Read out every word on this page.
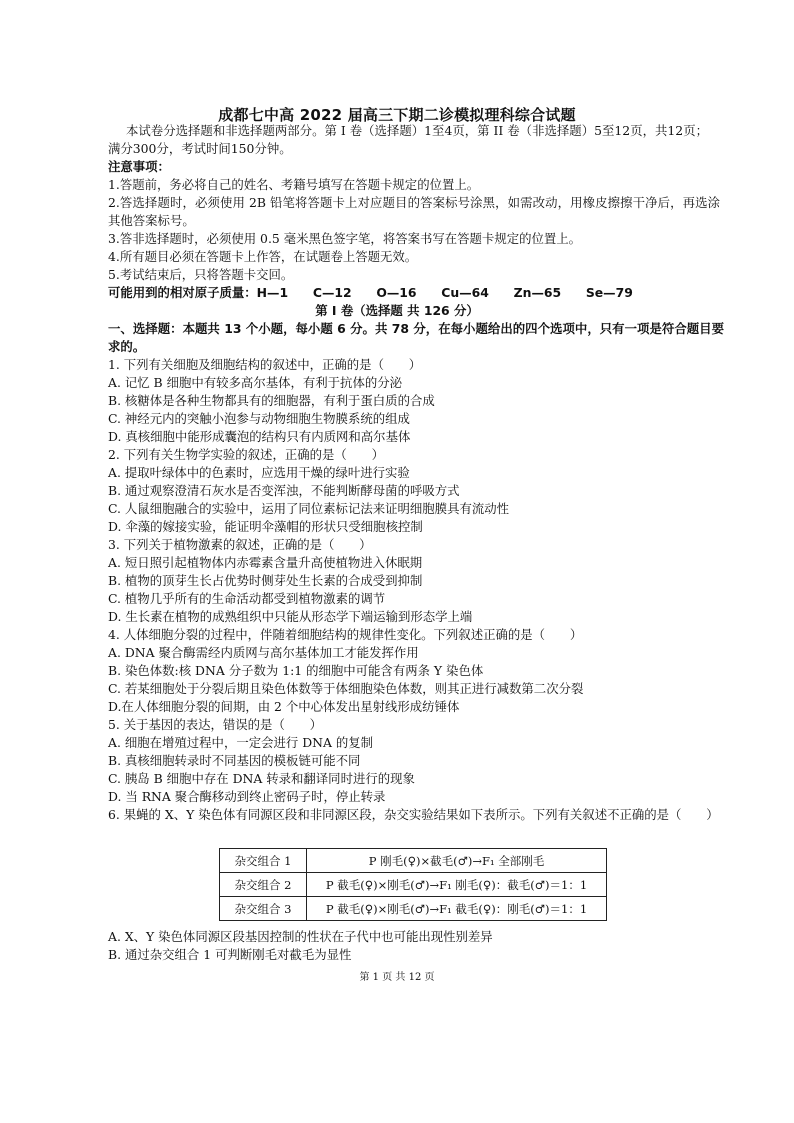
成都七中高 2022 届高三下期二诊模拟理科综合试题
本试卷分选择题和非选择题两部分。第 I 卷（选择题）1至4页，第 II 卷（非选择题）5至12页，共12页；满分300分，考试时间150分钟。
注意事项：
1.答题前，务必将自己的姓名、考籍号填写在答题卡规定的位置上。
2.答选择题时，必须使用 2B 铅笔将答题卡上对应题目的答案标号涂黑，如需改动，用橡皮擦擦干净后，再选涂其他答案标号。
3.答非选择题时，必须使用 0.5 毫米黑色签字笔，将答案书写在答题卡规定的位置上。
4.所有题目必须在答题卡上作答，在试题卷上答题无效。
5.考试结束后，只将答题卡交回。
可能用到的相对原子质量：H—1　　C—12　　O—16　　Cu—64　　Zn—65　　Se—79
第 I 卷（选择题 共 126 分）
一、选择题：本题共 13 个小题，每小题 6 分。共 78 分，在每小题给出的四个选项中，只有一项是符合题目要求的。
1. 下列有关细胞及细胞结构的叙述中，正确的是（　　）
A. 记忆 B 细胞中有较多高尔基体，有利于抗体的分泌
B. 核糖体是各种生物都具有的细胞器，有利于蛋白质的合成
C. 神经元内的突触小泡参与动物细胞生物膜系统的组成
D. 真核细胞中能形成囊泡的结构只有内质网和高尔基体
2. 下列有关生物学实验的叙述，正确的是（　　）
A. 提取叶绿体中的色素时，应选用干燥的绿叶进行实验
B. 通过观察澄清石灰水是否变浑浊，不能判断酵母菌的呼吸方式
C. 人鼠细胞融合的实验中，运用了同位素标记法来证明细胞膜具有流动性
D. 伞藻的嫁接实验，能证明伞藻帽的形状只受细胞核控制
3. 下列关于植物激素的叙述，正确的是（　　）
A. 短日照引起植物体内赤霉素含量升高使植物进入休眠期
B. 植物的顶芽生长占优势时侧芽处生长素的合成受到抑制
C. 植物几乎所有的生命活动都受到植物激素的调节
D. 生长素在植物的成熟组织中只能从形态学下端运输到形态学上端
4. 人体细胞分裂的过程中，伴随着细胞结构的规律性变化。下列叙述正确的是（　　）
A. DNA 聚合酶需经内质网与高尔基体加工才能发挥作用
B. 染色体数:核 DNA 分子数为 1:1 的细胞中可能含有两条 Y 染色体
C. 若某细胞处于分裂后期且染色体数等于体细胞染色体数，则其正进行减数第二次分裂
D.在人体细胞分裂的间期，由 2 个中心体发出星射线形成纺锤体
5. 关于基因的表达，错误的是（　　）
A. 细胞在增殖过程中，一定会进行 DNA 的复制
B. 真核细胞转录时不同基因的模板链可能不同
C. 胰岛 B 细胞中存在 DNA 转录和翻译同时进行的现象
D. 当 RNA 聚合酶移动到终止密码子时，停止转录
6. 果蝇的 X、Y 染色体有同源区段和非同源区段，杂交实验结果如下表所示。下列有关叙述不正确的是（　　）
杂交组合 1	P 刚毛(♀)×截毛(♂)→F₁ 全部刚毛
杂交组合 2	P 截毛(♀)×刚毛(♂)→F₁ 刚毛(♀)：截毛(♂)＝1：1
杂交组合 3	P 截毛(♀)×刚毛(♂)→F₁ 截毛(♀)：刚毛(♂)＝1：1
A. X、Y 染色体同源区段基因控制的性状在子代中也可能出现性别差异
B. 通过杂交组合 1 可判断刚毛对截毛为显性
第 1 页 共 12 页
